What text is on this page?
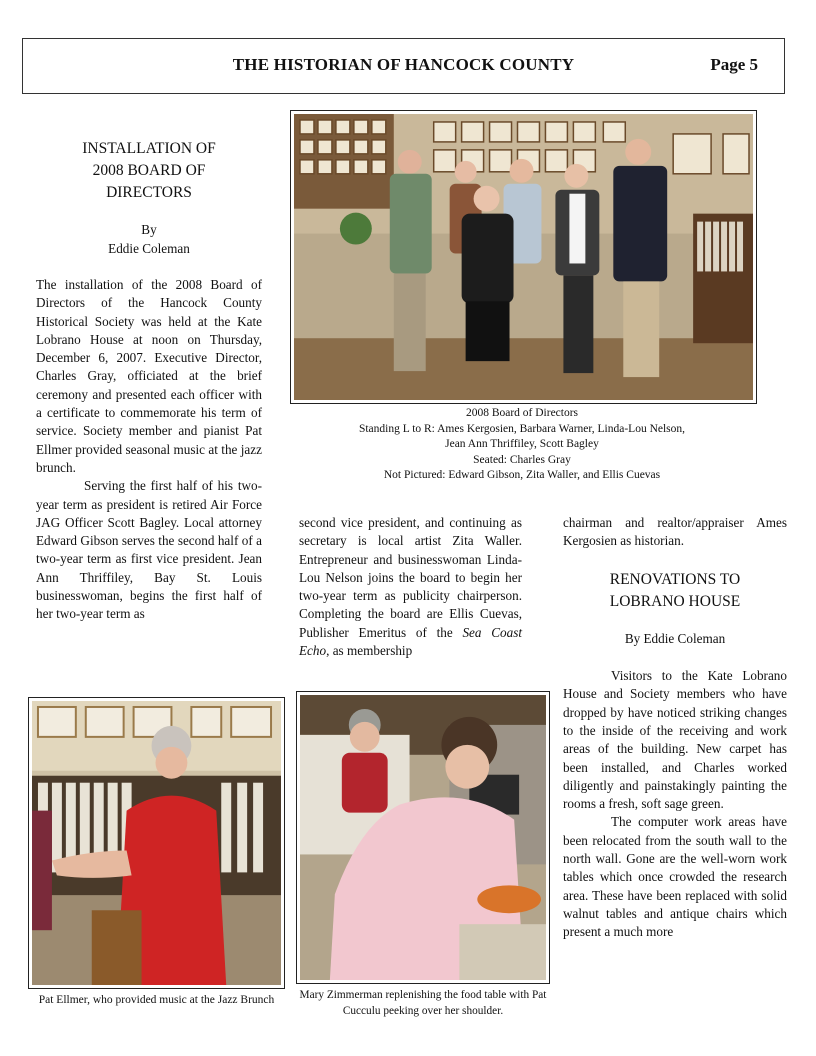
THE HISTORIAN OF HANCOCK COUNTY	Page 5
INSTALLATION OF
2008 BOARD OF
DIRECTORS
By
Eddie Coleman

The installation of the 2008 Board of Directors of the Hancock County Historical Society was held at the Kate Lobrano House at noon on Thursday, December 6, 2007. Executive Director, Charles Gray, officiated at the brief ceremony and presented each officer with a certificate to commemorate his term of service. Society member and pianist Pat Ellmer provided seasonal music at the jazz brunch.

Serving the first half of his two-year term as president is retired Air Force JAG Officer Scott Bagley. Local attorney Edward Gibson serves the second half of a two-year term as first vice president. Jean Ann Thriffiley, Bay St. Louis businesswoman, begins the first half of her two-year term as

second vice president, and continuing as secretary is local artist Zita Waller. Entrepreneur and businesswoman Linda-Lou Nelson joins the board to begin her two-year term as publicity chairperson. Completing the board are Ellis Cuevas, Publisher Emeritus of the Sea Coast Echo, as membership

chairman and realtor/appraiser Ames Kergosien as historian.

RENOVATIONS TO
LOBRANO HOUSE
By Eddie Coleman

Visitors to the Kate Lobrano House and Society members who have dropped by have noticed striking changes to the inside of the receiving and work areas of the building. New carpet has been installed, and Charles worked diligently and painstakingly painting the rooms a fresh, soft sage green.

The computer work areas have been relocated from the south wall to the north wall. Gone are the well-worn work tables which once crowded the research area. These have been replaced with solid walnut tables and antique chairs which present a much more

2008 Board of Directors
Standing L to R: Ames Kergosien, Barbara Warner, Linda-Lou Nelson,
Jean Ann Thriffiley, Scott Bagley
Seated: Charles Gray
Not Pictured: Edward Gibson, Zita Waller, and Ellis Cuevas
Pat Ellmer, who provided music at the Jazz Brunch	Mary Zimmerman replenishing the food table with Pat Cucculu peeking over her shoulder.
